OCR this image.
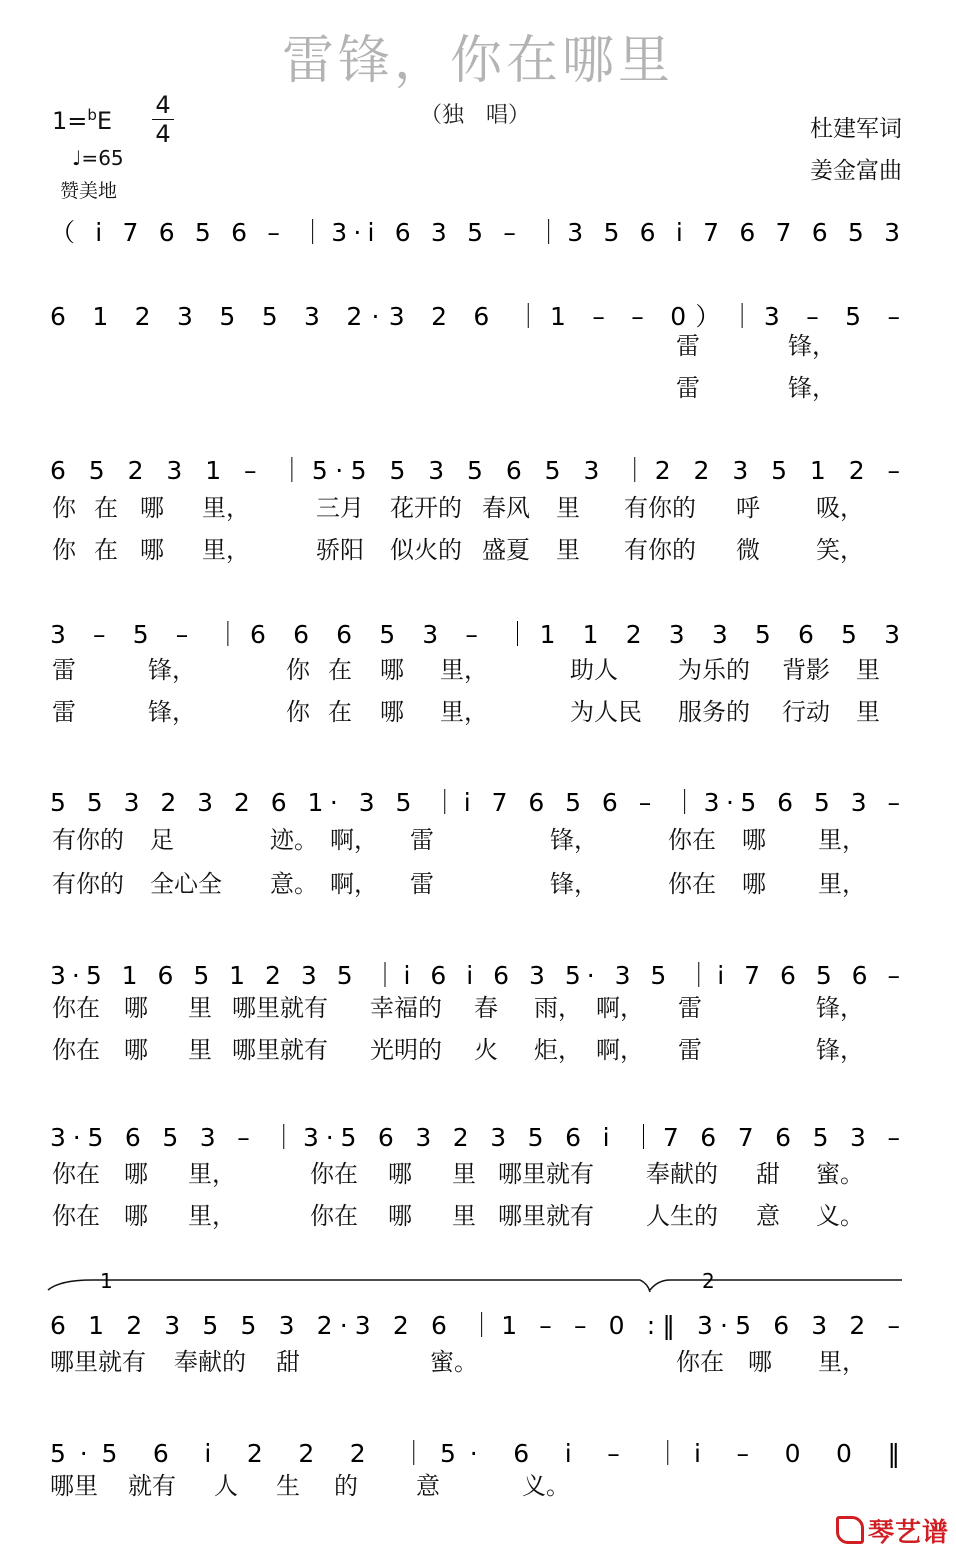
雷锋，你在哪里
（独　唱）
1=$^b$E
4
4
♩=65
赞美地
杜建军词
姜金富曲
1	2
（ i 7 6 5 6 – ｜3·i 6 3 5 – ｜3 5 6 i 7 6 7 6 5 3
6 1 2 3 5 5 3 2·3 2 6 ｜1 – – 0）｜3 – 5 –
6 5 2 3 1 – ｜5·5 5 3 5 6 5 3 ｜2 2 3 5 1 2 –
3 – 5 – ｜6 6 6 5 3 – ｜1 1 2 3 3 5 6 5 3
5 5 3 2 3 2 6 1· 3 5 ｜i 7 6 5 6 – ｜3·5 6 5 3 –
3·5 1 6 5 1 2 3 5 ｜i 6 i 6 3 5· 3 5 ｜i 7 6 5 6 –
3·5 6 5 3 – ｜3·5 6 3 2 3 5 6 i ｜7 6 7 6 5 3 –
6 1 2 3 5 5 3 2·3 2 6 ｜1 – – 0 :‖ 3·5 6 3 2 –
5·5 6 i 2 2 2 ｜5· 6 i – ｜i – 0 0 ‖
雷	锋，
雷	锋，
你 在 哪 里，	三月 花开的 春风 里 有你的 呼 吸，
你 在 哪 里，	骄阳 似火的 盛夏 里 有你的 微 笑，
雷	锋，	你 在 哪 里，	助人	为乐的 背影 里
雷	锋，	你 在 哪 里，	为人民 服务的 行动 里
有你的 足	迹。 啊， 雷	锋，	你在 哪 里，
有你的 全心全 意。 啊， 雷	锋，	你在 哪 里，
你在 哪 里 哪里就有 幸福的 春 雨， 啊， 雷	锋，
你在 哪 里 哪里就有 光明的 火 炬， 啊， 雷	锋，
你在 哪 里，	你在 哪 里 哪里就有 奉献的 甜 蜜。
你在 哪 里，	你在 哪 里 哪里就有 人生的 意 义。
哪里就有 奉献的 甜	蜜。	你在 哪 里，
哪里 就有 人 生 的 意	义。
琴艺谱
